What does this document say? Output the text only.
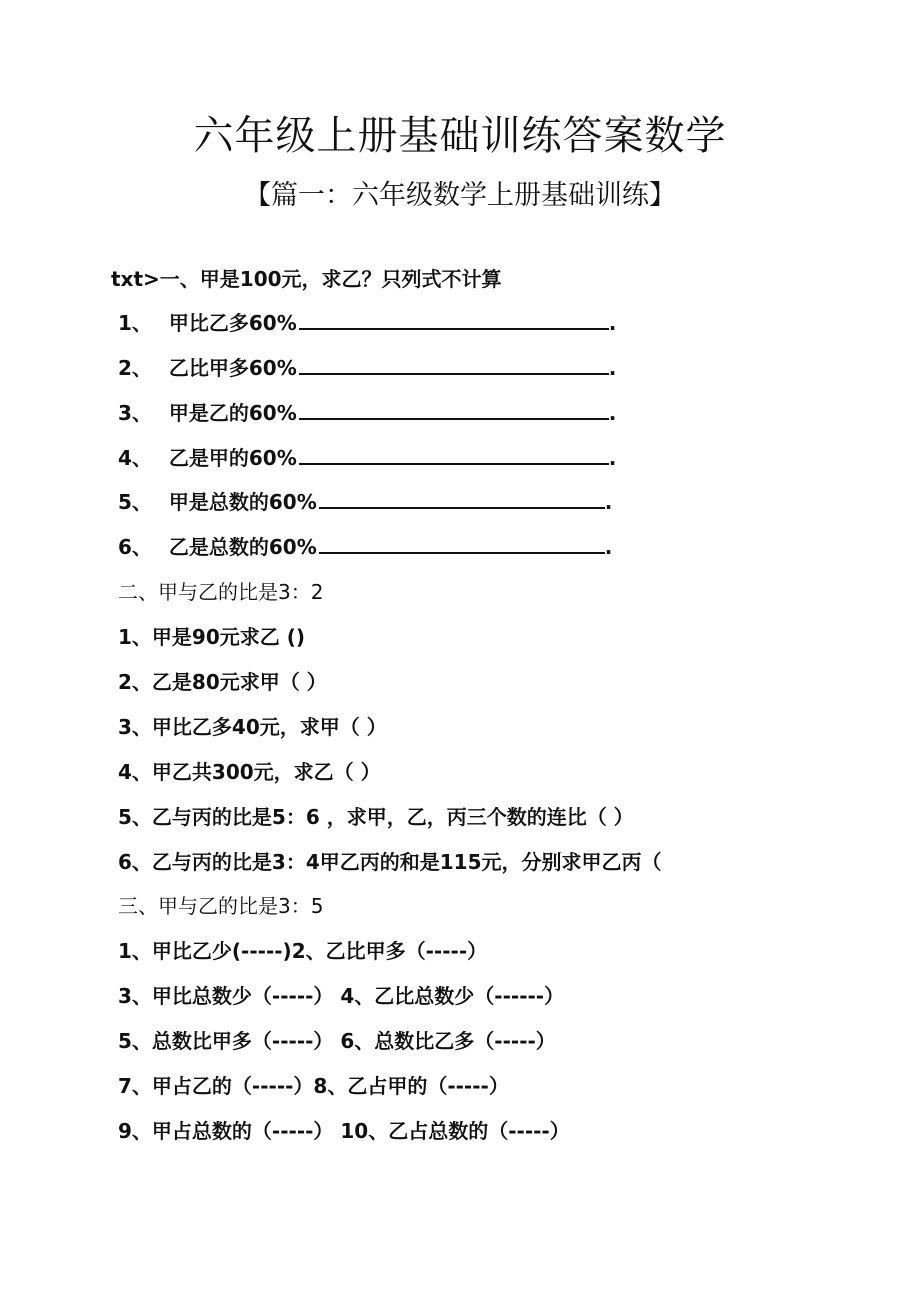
六年级上册基础训练答案数学
【篇一：六年级数学上册基础训练】
txt>一、甲是100元，求乙？只列式不计算
1、 甲比乙多60%	.
2、 乙比甲多60%	.
3、 甲是乙的60%	.
4、 乙是甲的60%	.
5、 甲是总数的60%	.
6、 乙是总数的60%	.
二、甲与乙的比是3：2
1、甲是90元求乙 ()
2、乙是80元求甲（ ）
3、甲比乙多40元，求甲（ ）
4、甲乙共300元，求乙（ ）
5、乙与丙的比是5：6 ，求甲，乙，丙三个数的连比（ ）
6、乙与丙的比是3：4甲乙丙的和是115元，分别求甲乙丙（
三、甲与乙的比是3：5
1、甲比乙少(-----)2、乙比甲多（-----）
3、甲比总数少（-----） 4、乙比总数少（------）
5、总数比甲多（-----） 6、总数比乙多（-----）
7、甲占乙的（-----）8、乙占甲的（-----）
9、甲占总数的（-----） 10、乙占总数的（-----）
